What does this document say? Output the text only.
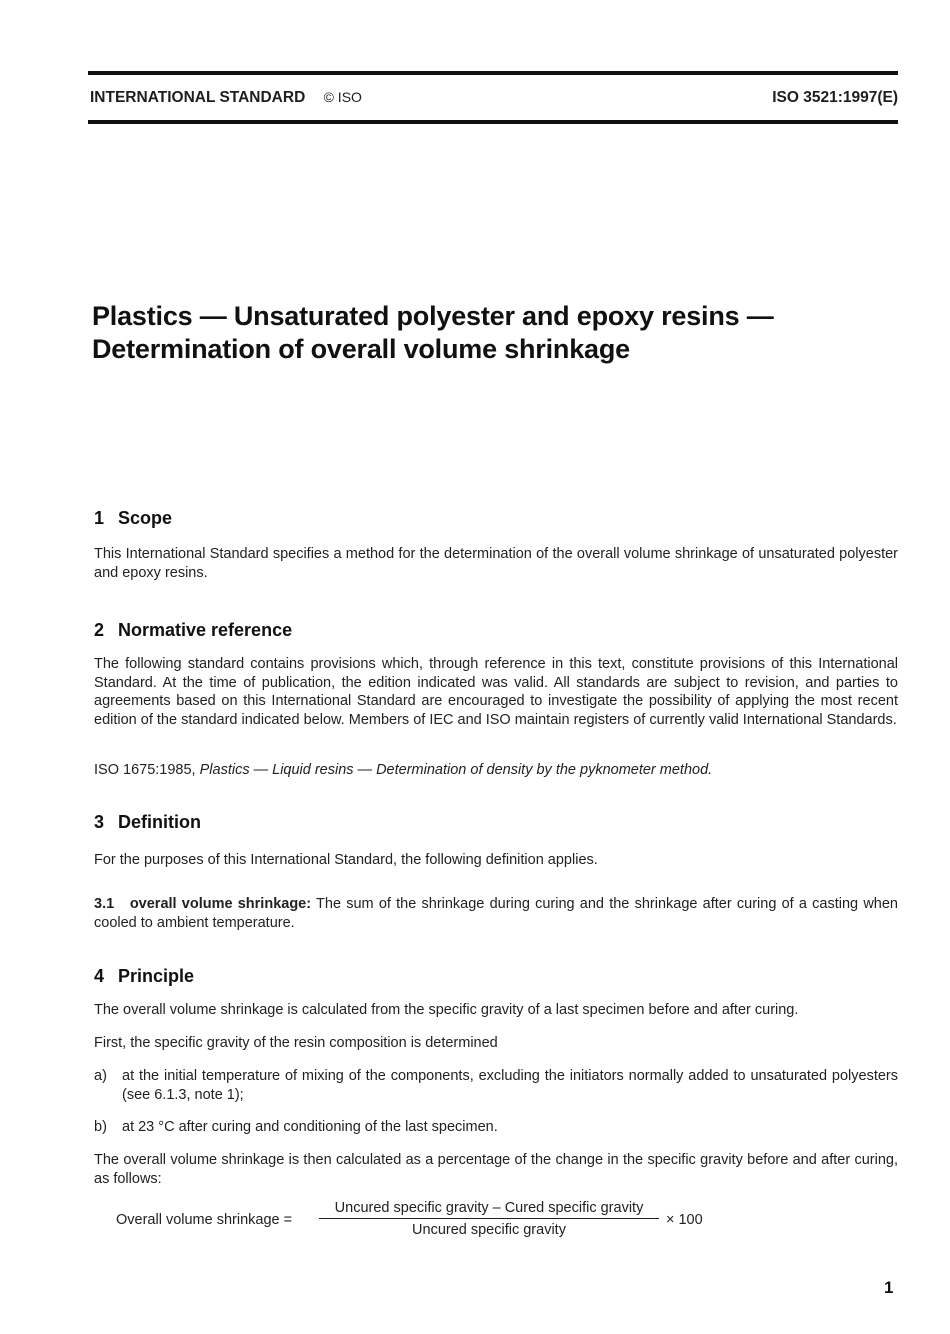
INTERNATIONAL STANDARD © ISO	ISO 3521:1997(E)
Plastics — Unsaturated polyester and epoxy resins —
Determination of overall volume shrinkage
1 Scope

This International Standard specifies a method for the determination of the overall volume shrinkage of unsaturated polyester and epoxy resins.

2 Normative reference

The following standard contains provisions which, through reference in this text, constitute provisions of this International Standard. At the time of publication, the edition indicated was valid. All standards are subject to revision, and parties to agreements based on this International Standard are encouraged to investigate the possibility of applying the most recent edition of the standard indicated below. Members of IEC and ISO maintain registers of currently valid International Standards.

ISO 1675:1985, Plastics — Liquid resins — Determination of density by the pyknometer method.

3 Definition

For the purposes of this International Standard, the following definition applies.

3.1 overall volume shrinkage: The sum of the shrinkage during curing and the shrinkage after curing of a casting when cooled to ambient temperature.

4 Principle

The overall volume shrinkage is calculated from the specific gravity of a last specimen before and after curing.

First, the specific gravity of the resin composition is determined

a) at the initial temperature of mixing of the components, excluding the initiators normally added to unsaturated polyesters (see 6.1.3, note 1);
b) at 23 °C after curing and conditioning of the last specimen.

The overall volume shrinkage is then calculated as a percentage of the change in the specific gravity before and after curing, as follows:

Overall volume shrinkage =
Uncured specific gravity – Cured specific gravity
Uncured specific gravity
× 100
1
